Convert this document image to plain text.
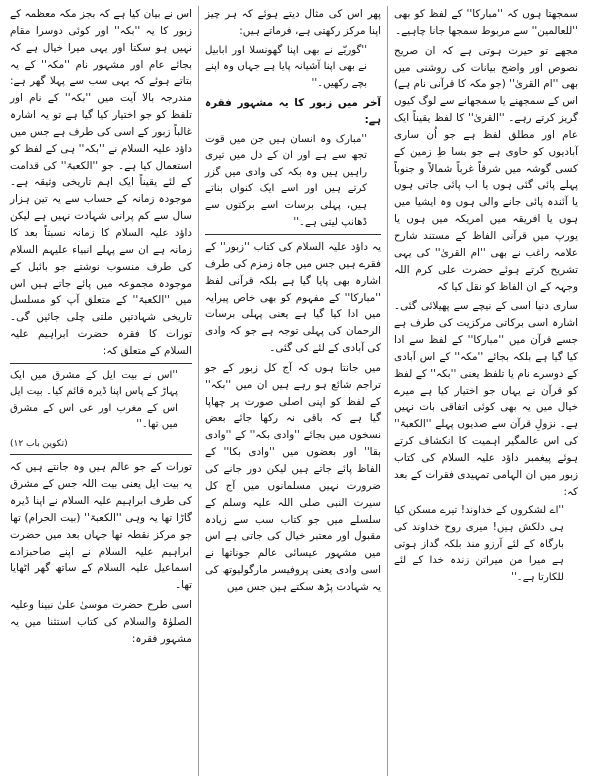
سمجھتا ہوں کہ ''مبارکا'' کے لفظ کو بھی ''للعالمین'' سے مربوط سمجھا جانا چاہیے۔

مجھے تو حیرت ہوتی ہے کہ ان صریح نصوص اور واضح بیانات کی روشنی میں بھی ''ام القریٰ'' (جو مکہ کا قرآنی نام ہے) اس کے سمجھنے یا سمجھانے سے لوگ کیوں گریز کرتے رہے۔ ''القریٰ'' کا لفظ یقیناً ایک عام اور مطلق لفظ ہے جو اُن ساری آبادیوں کو حاوی ہے جو بسا طِ زمین کے کسی گوشہ میں شرقاً غرباً شمالاً و جنوباً پہلے پائی گئی ہوں یا اب پائی جاتی ہوں یا آئندہ پائی جانے والی ہوں وہ ایشیا میں ہوں یا افریقہ میں امریکہ میں ہوں یا یورپ میں قرآنی الفاظ کے مستند شارح علامہ راغب نے بھی ''ام القریٰ'' کی یہی تشریح کرتے ہوئے حضرت علی کرم اللہ وجہہ کے ان الفاظ کو نقل کیا کہ

ساری دنیا اسی کے نیچے سے پھیلائی گئی۔ اشارہ اسی برکاتی مرکزیت کی طرف ہے جسے قرآن میں ''مبارکا'' کے لفظ سے ادا کیا گیا ہے بلکہ بجائے ''مکہ'' کے اس آبادی کے دوسرے نام یا تلفظ یعنی ''بکہ'' کے لفظ کو قرآن نے یہاں جو اختیار کیا ہے میرے خیال میں یہ بھی کوئی اتفاقی بات نہیں ہے۔ نزولِ قرآن سے صدیوں پہلے ''الکعبۃ'' کی اس عالمگیر اہمیت کا انکشاف کرتے ہوئے پیغمبر داؤد علیہ السلام کی کتاب زبور میں ان الہامی تمہیدی فقرات کے بعد کہ:

''اے لشکروں کے خداوند! تیرے مسکن کیا ہی دلکش ہیں! میری روح خداوند کی بارگاہ کے لئے آرزو مند بلکہ گداز ہوتی ہے میرا من میراتن زندہ خدا کے لئے للکارتا ہے۔''

پھر اس کی مثال دیتے ہوئے کہ ہر چیز اپنا مرکز رکھتی ہے، فرماتے ہیں:

''گوریّے نے بھی اپنا گھونسلا اور ابابیل نے بھی اپنا آشیانہ پایا ہے جہاں وہ اپنے بچے رکھیں۔''

آخر میں زبور کا یہ مشہور فقرہ ہے:

''مبارک وہ انسان ہیں جن میں قوت تجھ سے ہے اور ان کے دل میں تیری راہیں ہیں وہ بکہ کی وادی میں گزر کرتے ہیں اور اسے ایک کنواں بناتے ہیں، پہلی برسات اسے برکتوں سے ڈھانپ لیتی ہے۔''

یہ داؤد علیہ السلام کی کتاب ''زبور'' کے فقرے ہیں جس میں جاہ زمزم کی طرف اشارہ بھی پایا گیا ہے بلکہ قرآنی لفظ ''مبارکا'' کے مفہوم کو بھی خاص پیرایہ میں ادا کیا گیا ہے یعنی پہلی برسات الرحمان کی پہلی توجہ ہے جو کہ وادی کی آبادی کے لئے کی گئی۔

میں جانتا ہوں کہ آج کل زبور کے جو تراجم شائع ہو رہے ہیں ان میں ''بکہ'' کے لفظ کو اپنی اصلی صورت پر چھاپا گیا ہے کہ باقی نہ رکھا جائے بعض نسخوں میں بجائے ''وادی بکہ'' کے ''وادی بقا'' اور بعضوں میں ''وادی بکا'' کے الفاظ پائے جاتے ہیں لیکن دور جانے کی ضرورت نہیں مسلمانوں میں آج کل سیرت النبی صلی اللہ علیہ وسلم کے سلسلے میں جو کتاب سب سے زیادہ مقبول اور معتبر خیال کی جاتی ہے اس میں مشہور عیسائی عالم جوناتھا نے اسی وادی یعنی پروفیسر مارگولیوتھ کی یہ شہادت پڑھ سکتے ہیں جس میں

اس نے بیان کیا ہے کہ بجز مکہ معظمہ کے زبور کا یہ ''بکہ'' اور کوئی دوسرا مقام نہیں ہو سکتا اور یہی میرا خیال ہے کہ بجائے عام اور مشہور نام ''مکہ'' کے یہ بتاتے ہوئے کہ یہی سب سے پہلا گھر ہے: مندرجہ بالا آیت میں ''بکہ'' کے نام اور تلفظ کو جو اختیار کیا گیا ہے تو یہ اشارہ غالباً زبور کے اسی کی طرف ہے جس میں داؤد علیہ السلام نے ''بکہ'' ہی کے لفظ کو استعمال کیا ہے۔ جو ''الکعبۃ'' کی قدامت کے لئے یقیناً ایک اہم تاریخی وثیقہ ہے۔ موجودہ زمانہ کے حساب سے یہ تین ہزار سال سے کم پرانی شہادت نہیں ہے لیکن داؤد علیہ السلام کا زمانہ نسبتاً بعد کا زمانہ ہے ان سے پہلے انبیاء علیہم السلام کی طرف منسوب نوشتے جو بائبل کے موجودہ مجموعہ میں پائے جاتے ہیں اس میں ''الکعبۃ'' کے متعلق آپ کو مسلسل تاریخی شہادتیں ملتی چلی جائیں گی۔ تورات کا فقرہ حضرت ابراہیم علیہ السلام کے متعلق کہ:

''اس نے بیت ایل کے مشرق میں ایک پہاڑ کے پاس اپنا ڈیرہ قائم کیا۔ بیت ایل اس کے مغرب اور عی اس کے مشرق میں تھا۔''

(تکوین باب ۱۲)

تورات کے جو عالم ہیں وہ جانتے ہیں کہ یہ بیت ایل یعنی بیت اللہ جس کے مشرق کی طرف ابراہیم علیہ السلام نے اپنا ڈیرہ گاڑا تھا یہ وہی ''الکعبۃ'' (بیت الحرام) تھا جو مرکز نقطہ تھا جہاں بعد میں حضرت ابراہیم علیہ السلام نے اپنے صاحبزادے اسماعیل علیہ السلام کے ساتھ گھر اٹھایا تھا۔

اسی طرح حضرت موسیٰ علیٰ نبینا وعلیہ الصلوٰۃ والسلام کی کتاب استثنا میں یہ مشہور فقرہ:
